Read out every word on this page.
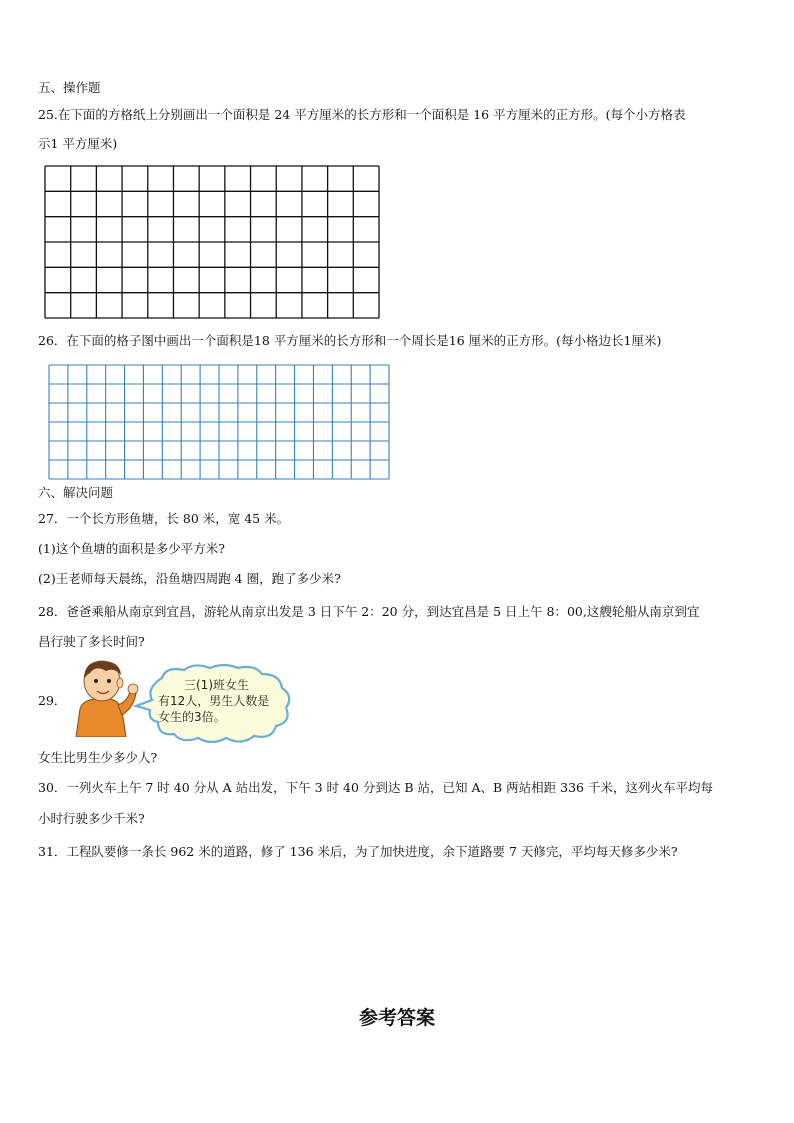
五、操作题
25.在下面的方格纸上分别画出一个面积是 24 平方厘米的长方形和一个面积是 16 平方厘米的正方形。(每个小方格表
示1 平方厘米)
26．在下面的格子图中画出一个面积是18 平方厘米的长方形和一个周长是16 厘米的正方形。(每小格边长1厘米)
六、解决问题
27．一个长方形鱼塘，长 80 米，宽 45 米。
(1)这个鱼塘的面积是多少平方米?
(2)王老师每天晨练，沿鱼塘四周跑 4 圈，跑了多少米?
28．爸爸乘船从南京到宜昌，游轮从南京出发是 3 日下午 2：20 分，到达宜昌是 5 日上午 8：00,这艘轮船从南京到宜
昌行驶了多长时间?
29．
三(1)班女生
有12人，男生人数是
女生的3倍。
女生比男生少多少人?
30．一列火车上午 7 时 40 分从 A 站出发，下午 3 时 40 分到达 B 站，已知 A、B 两站相距 336 千米，这列火车平均每
小时行驶多少千米?
31．工程队要修一条长 962 米的道路，修了 136 米后，为了加快进度，余下道路要 7 天修完，平均每天修多少米?
参考答案
